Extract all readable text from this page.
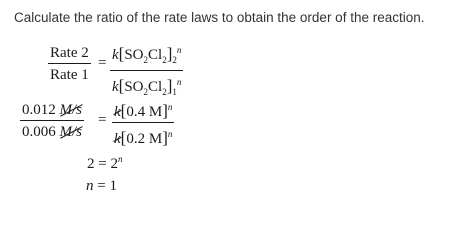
Calculate the ratio of the rate laws to obtain the order of the reaction.
Rate 2
Rate 1
= $\frac{k[SO_2Cl_2]_2^n}{k[SO_2Cl_2]_1^n}$
$\frac{0.012 M/s}{0.006 M/s} = \frac{k[0.4 M]^n}{k[0.2 M]^n}$
$2 = 2^n$
n = 1
